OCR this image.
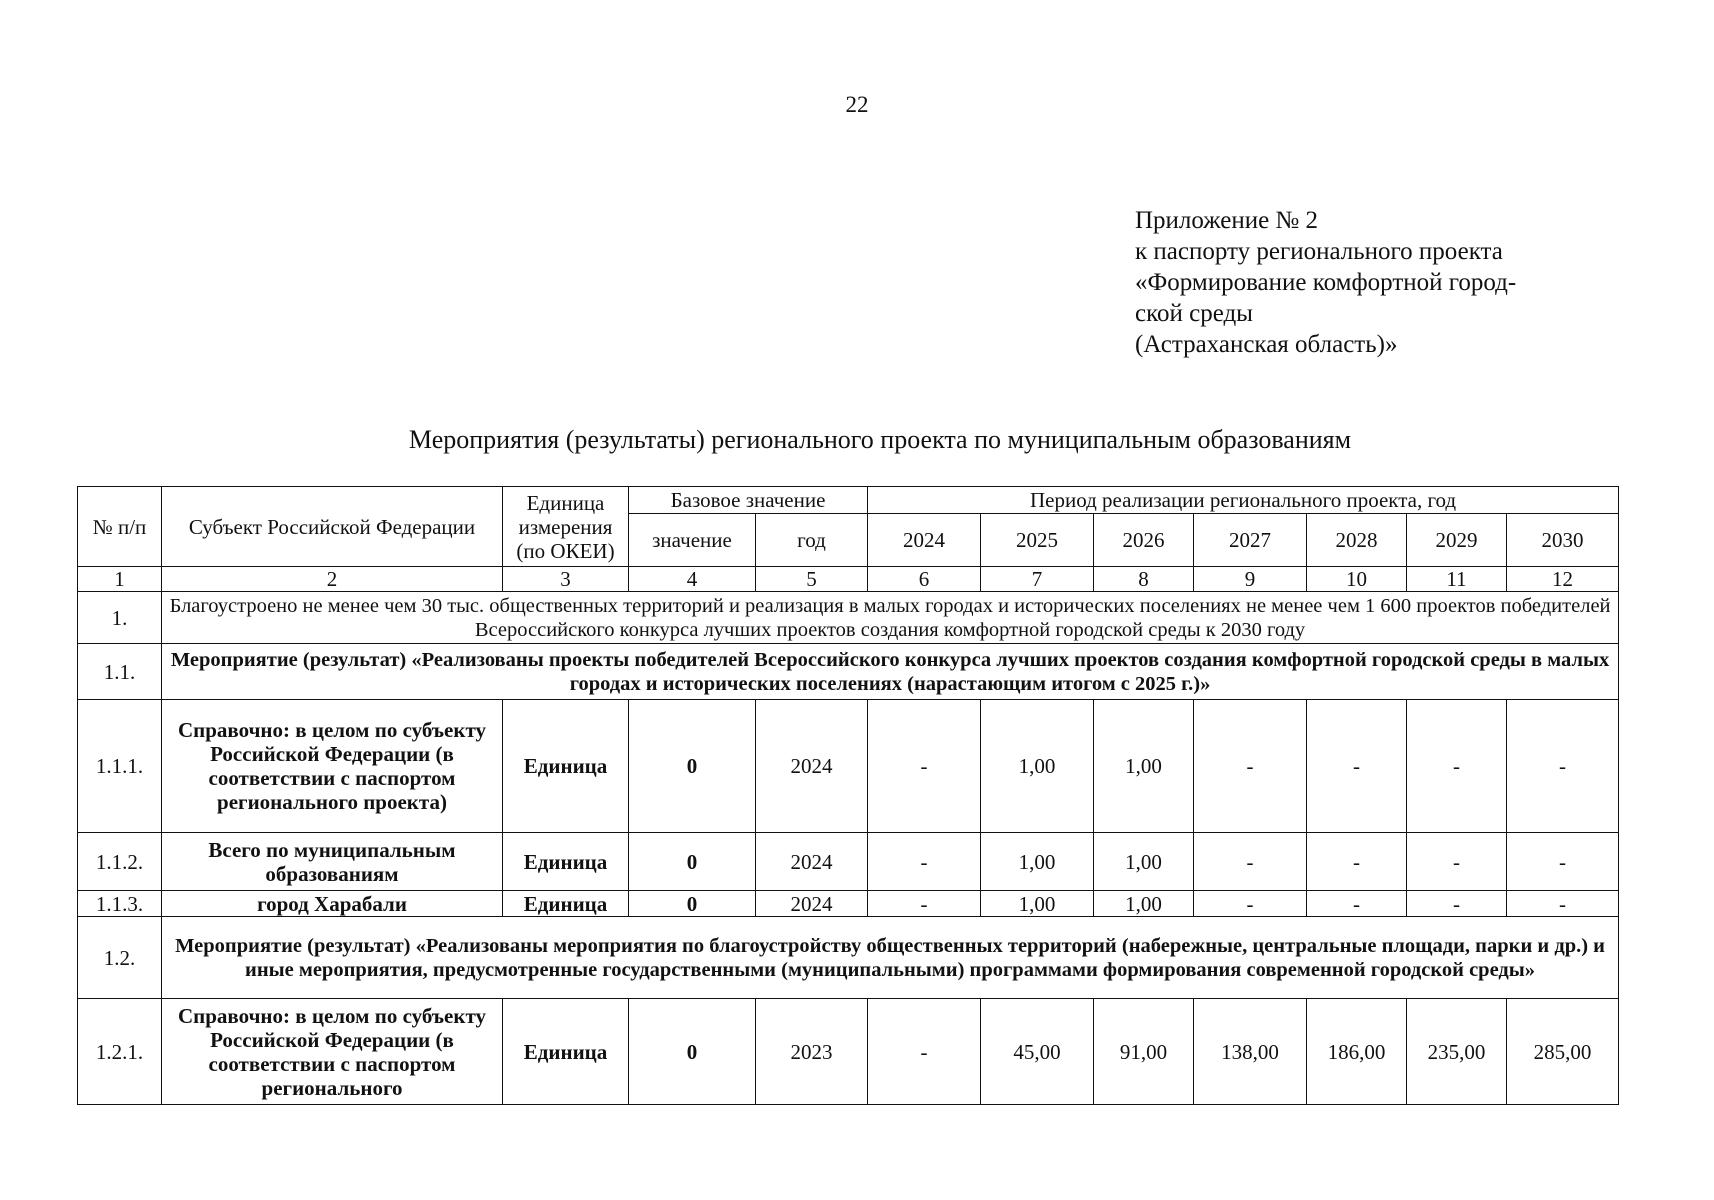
22
Приложение № 2
к паспорту регионального проекта
«Формирование комфортной город-
ской среды
(Астраханская область)»
Мероприятия (результаты) регионального проекта по муниципальным образованиям
№ п/п	Субъект Российской Федерации	Единица измерения (по ОКЕИ)	Базовое значение		Период реализации регионального проекта, год						
			значение	год	2024	2025	2026	2027	2028	2029	2030
1	2	3	4	5	6	7	8	9	10	11	12
1.	Благоустроено не менее чем 30 тыс. общественных территорий и реализация в малых городах и исторических поселениях не менее чем 1 600 проектов победителей Всероссийского конкурса лучших проектов создания комфортной городской среды к 2030 году										
1.1.	Мероприятие (результат) «Реализованы проекты победителей Всероссийского конкурса лучших проектов создания комфортной городской среды в малых городах и исторических поселениях (нарастающим итогом с 2025 г.)»										
1.1.1.	Справочно: в целом по субъекту Российской Федерации (в соответствии с паспортом регионального проекта)	Единица	0	2024	-	1,00	1,00	-	-	-	-
1.1.2.	Всего по муниципальным образованиям	Единица	0	2024	-	1,00	1,00	-	-	-	-
1.1.3.	город Харабали	Единица	0	2024	-	1,00	1,00	-	-	-	-
1.2.	Мероприятие (результат) «Реализованы мероприятия по благоустройству общественных территорий (набережные, центральные площади, парки и др.) и иные мероприятия, предусмотренные государственными (муниципальными) программами формирования современной городской среды»										
1.2.1.	Справочно: в целом по субъекту Российской Федерации (в соответствии с паспортом регионального	Единица	0	2023	-	45,00	91,00	138,00	186,00	235,00	285,00
